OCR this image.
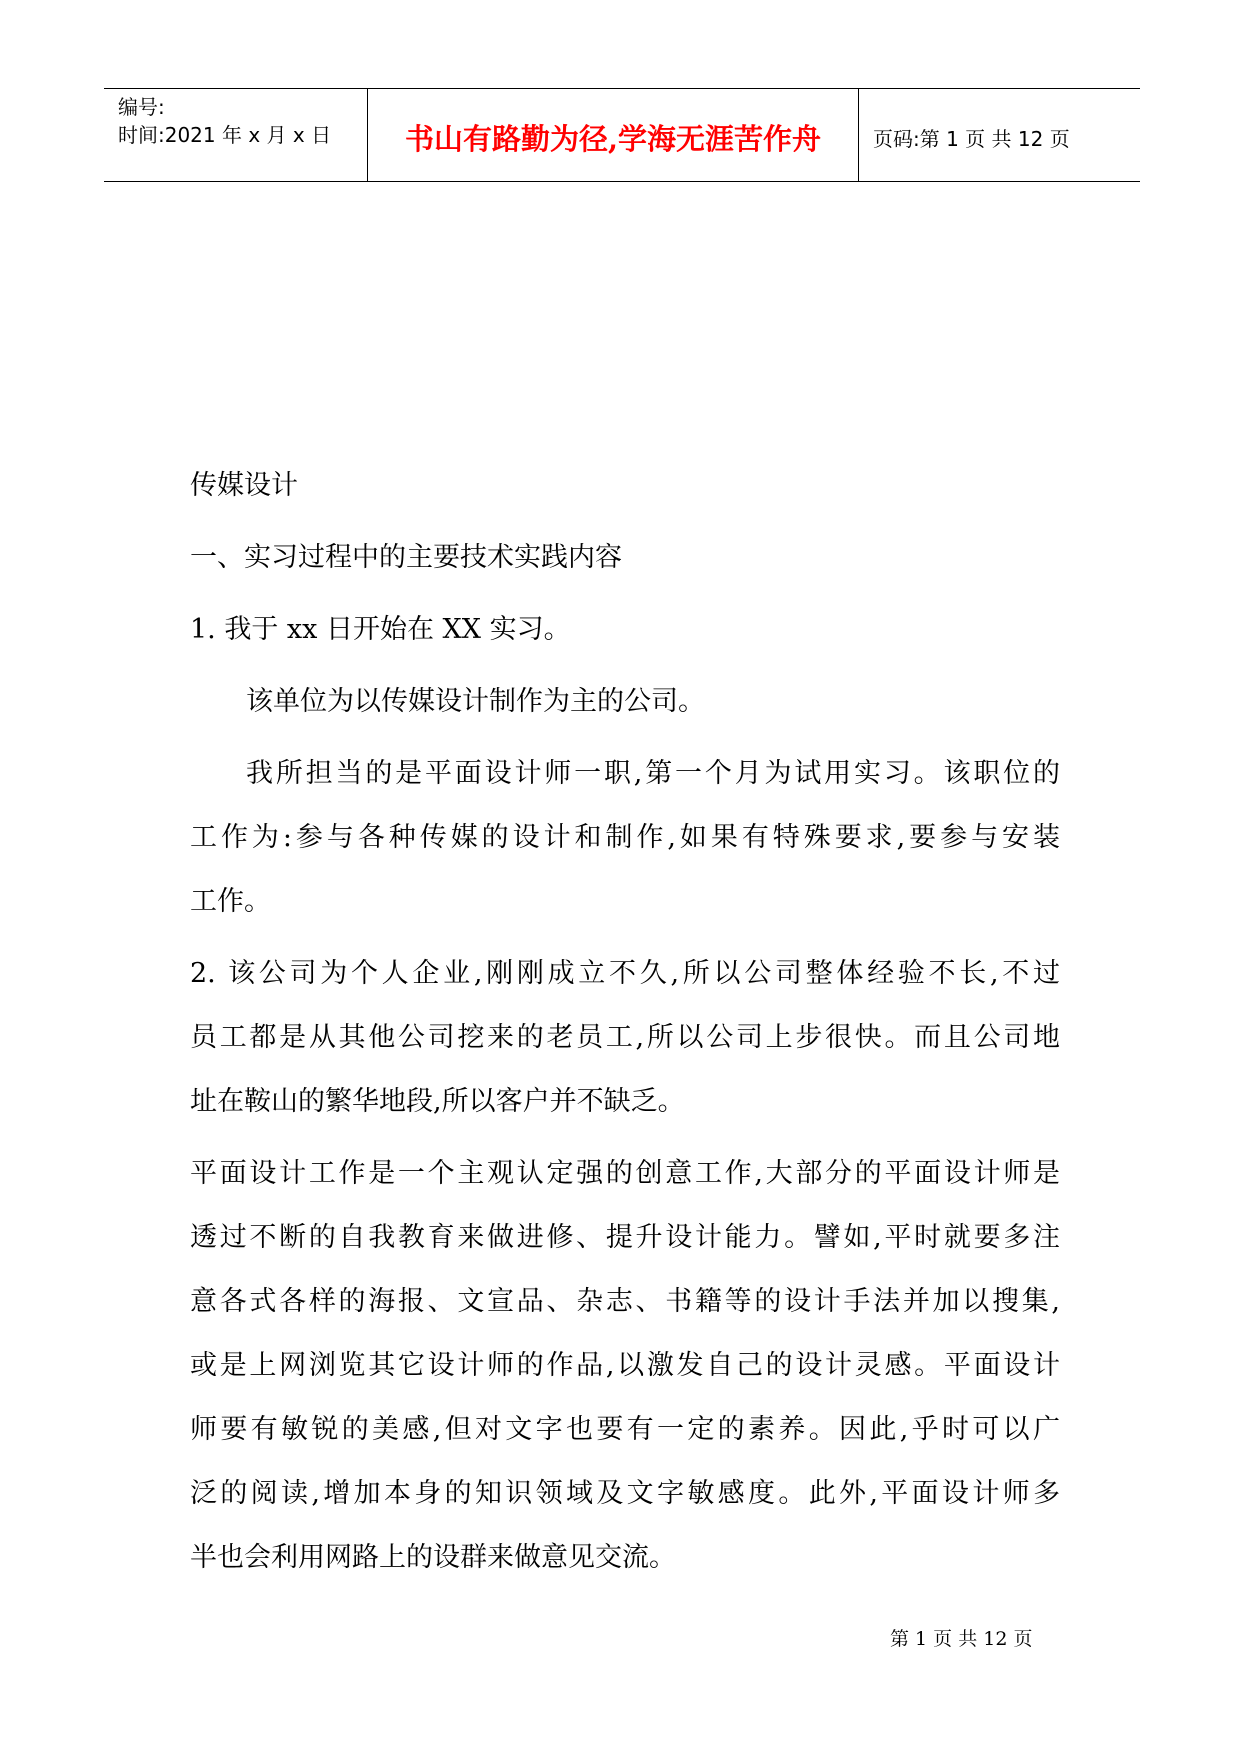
编号:
时间:2021 年 x 月 x 日	书山有路勤为径,学海无涯苦作舟	页码:第 1 页 共 12 页
传媒设计
一、实习过程中的主要技术实践内容
1. 我于 xx 日开始在 XX 实习。
该单位为以传媒设计制作为主的公司。
我所担当的是平面设计师一职,第一个月为试用实习。该职位的
工作为:参与各种传媒的设计和制作,如果有特殊要求,要参与安装
工作。
2. 该公司为个人企业,刚刚成立不久,所以公司整体经验不长,不过
员工都是从其他公司挖来的老员工,所以公司上步很快。而且公司地
址在鞍山的繁华地段,所以客户并不缺乏。
平面设计工作是一个主观认定强的创意工作,大部分的平面设计师是
透过不断的自我教育来做进修、提升设计能力。譬如,平时就要多注
意各式各样的海报、文宣品、杂志、书籍等的设计手法并加以搜集,
或是上网浏览其它设计师的作品,以激发自己的设计灵感。平面设计
师要有敏锐的美感,但对文字也要有一定的素养。因此,乎时可以广
泛的阅读,增加本身的知识领域及文字敏感度。此外,平面设计师多
半也会利用网路上的设群来做意见交流。
第 1 页 共 12 页
